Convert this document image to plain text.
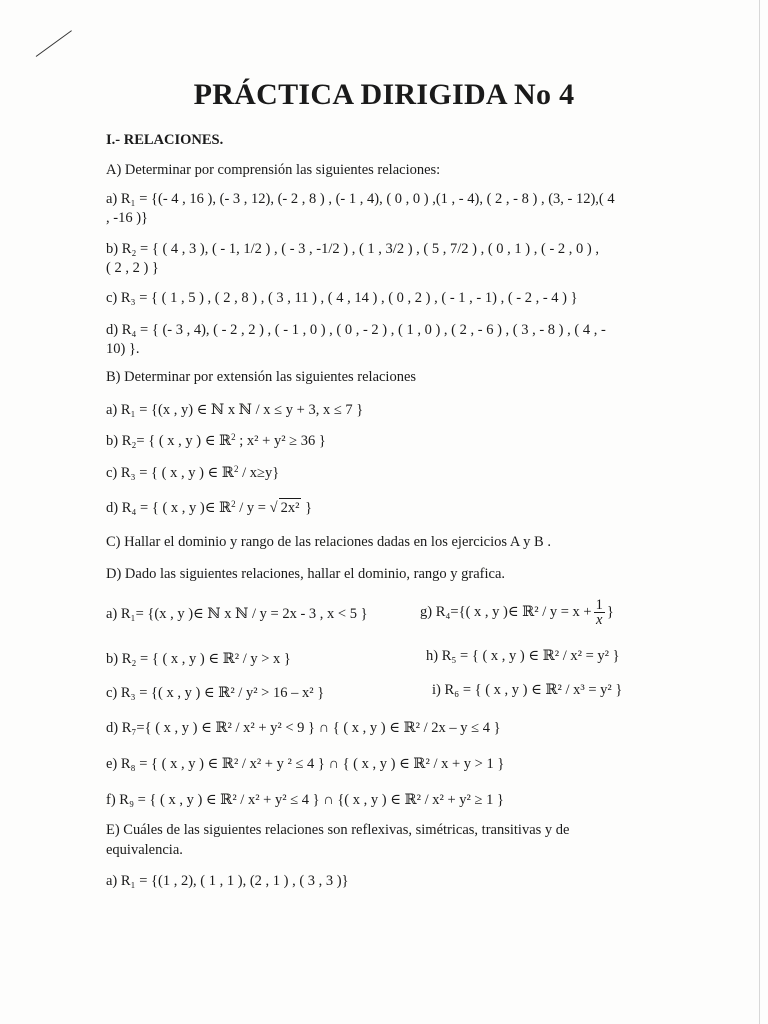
PRÁCTICA DIRIGIDA No 4
I.- RELACIONES.
A) Determinar por comprensión las siguientes relaciones:
a) R₁ = {(- 4 , 16 ), (- 3 , 12), (- 2 , 8 ) , (- 1 , 4), ( 0 , 0 ) ,(1 , - 4), ( 2 , - 8 ) , (3, - 12),( 4
, -16 )}
b) R₂ = { ( 4 , 3 ), ( - 1, 1/2 ) , ( - 3 , -1/2 ) , ( 1 , 3/2 ) , ( 5 , 7/2 ) , ( 0 , 1 ) , ( - 2 , 0 ) ,
( 2 , 2 ) }
c) R₃ = { ( 1 , 5 ) , ( 2 , 8 ) , ( 3 , 11 ) , ( 4 , 14 ) , ( 0 , 2 ) , ( - 1 , - 1) , ( - 2 , - 4 ) }
d) R₄ = { (- 3 , 4), ( - 2 , 2 ) , ( - 1 , 0 ) , ( 0 , - 2 ) , ( 1 , 0 ) , ( 2 , - 6 ) , ( 3 , - 8 ) , ( 4 , -
10) }.
B) Determinar por extensión las siguientes relaciones
a) R₁ = {(x , y) ∈ ℕ x ℕ / x ≤ y + 3, x ≤ 7 }
b) R₂= { ( x , y ) ∈ ℝ$^2$ ; x² + y² ≥ 36 }
c) R₃ = { ( x , y ) ∈ ℝ$^2$ / x≥y}
d) R₄ = { ( x , y )∈ ℝ$^2$ / y = √ 2x² }
C) Hallar el dominio y rango de las relaciones dadas en los ejercicios A y B .
D) Dado las siguientes relaciones, hallar el dominio, rango y grafica.
a) R₁= {(x , y )∈ ℕ x ℕ / y = 2x - 3 , x < 5 }	g) R₄={( x , y )∈ ℝ² / $y = x + \frac{1}{x}$ }
b) R₂ = { ( x , y ) ∈ ℝ² / y > x }	h) R₅ = { ( x , y ) ∈ ℝ² / x² = y² }
c) R₃ = {( x , y ) ∈ ℝ² / y² > 16 – x² }	i) R₆ = { ( x , y ) ∈ ℝ² / x³ = y² }
d) R₇={ ( x , y ) ∈ ℝ² / x² + y² < 9 } ∩ { ( x , y ) ∈ ℝ² / 2x – y ≤ 4 }
e) R₈ = { ( x , y ) ∈ ℝ² / x² + y ² ≤ 4 } ∩ { ( x , y ) ∈ ℝ² / x + y > 1 }
f) R₉ = { ( x , y ) ∈ ℝ² / x² + y² ≤ 4 } ∩ {( x , y ) ∈ ℝ² / x² + y² ≥ 1 }
E) Cuáles de las siguientes relaciones son reflexivas, simétricas, transitivas y de
equivalencia.
a) R₁ = {(1 , 2), ( 1 , 1 ), (2 , 1 ) , ( 3 , 3 )}
